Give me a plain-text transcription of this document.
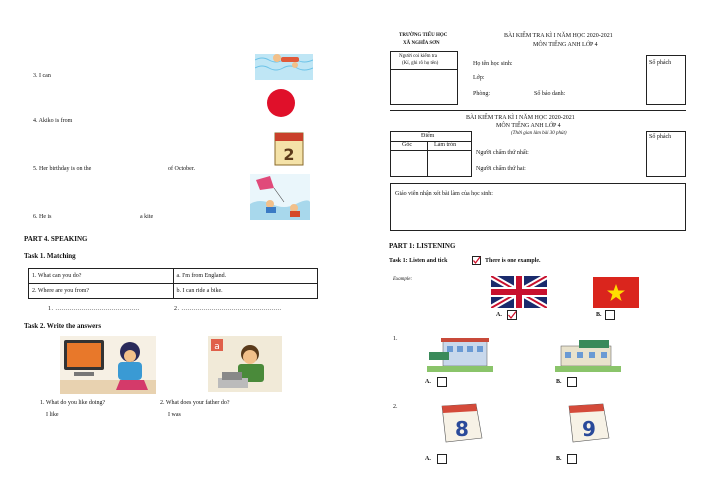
3. I can
4. Akiko is from
2
5. Her birthday is on the	of October.
6. He is	a kite
PART 4. SPEAKING
Task 1. Matching
1. What can you do?	a. I'm from England.
2. Where are you from?	b. I can ride a bike.
1. ..........................................	2. ..................................................
Task 2. Write the answers
a
1. What do you like doing?
I like
2. What does your father do?
I was
TRƯỜNG TIỂU HỌC
XÃ NGHĨA SƠN
BÀI KIỂM TRA KÌ I NĂM HỌC 2020-2021
MÔN TIẾNG ANH LỚP 4
Người coi kiểm tra
(Kí, ghi rõ họ tên)	Họ tên học sinh:
Lớp:
Phòng:	Số báo danh:
Số phách
BÀI KIỂM TRA KÌ I NĂM HỌC 2020-2021
MÔN TIẾNG ANH LỚP 4
(Thời gian làm bài 30 phút)
Điểm
Gốc	Làm tròn
Người chấm thứ nhất:
Người chấm thứ hai:
Số phách
Giáo viên nhận xét bài làm của học sinh:
PART 1: LISTENING
Task 1: Listen and tick	There is one example.
Example:
A.	B.
1.
A.	B.
2.
8	9
A.	B.
